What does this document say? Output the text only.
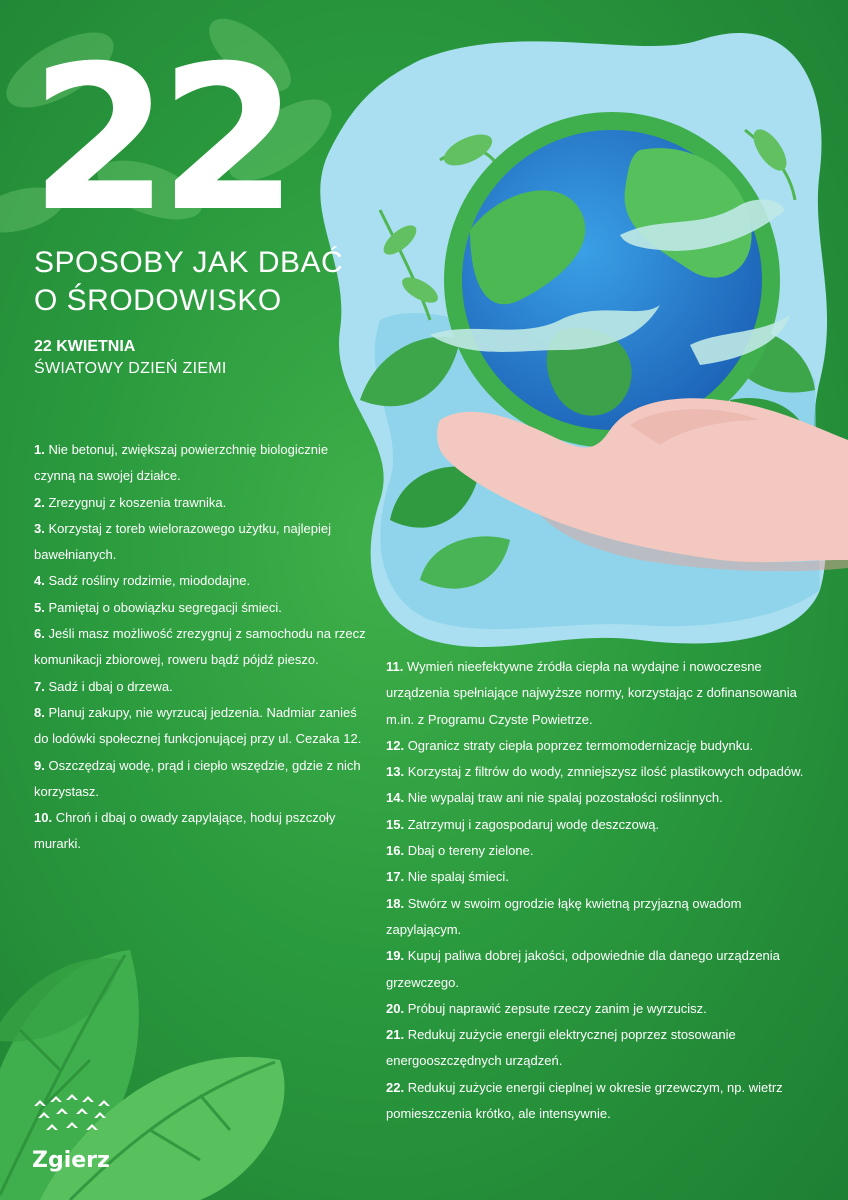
22
SPOSOBY JAK DBAĆ
O ŚRODOWISKO
22 KWIETNIA
ŚWIATOWY DZIEŃ ZIEMI
1. Nie betonuj, zwiększaj powierzchnię biologicznie czynną na swojej działce.
2. Zrezygnuj z koszenia trawnika.
3. Korzystaj z toreb wielorazowego użytku, najlepiej bawełnianych.
4. Sadź rośliny rodzimie, miododajne.
5. Pamiętaj o obowiązku segregacji śmieci.
6. Jeśli masz możliwość zrezygnuj z samochodu na rzecz komunikacji zbiorowej, roweru bądź pójdź pieszo.
7. Sadź i dbaj o drzewa.
8. Planuj zakupy, nie wyrzucaj jedzenia. Nadmiar zanieś do lodówki społecznej funkcjonującej przy ul. Cezaka 12.
9. Oszczędzaj wodę, prąd i ciepło wszędzie, gdzie z nich korzystasz.
10. Chroń i dbaj o owady zapylające, hoduj pszczoły murarki.
11. Wymień nieefektywne źródła ciepła na wydajne i nowoczesne urządzenia spełniające najwyższe normy, korzystając z dofinansowania m.in. z Programu Czyste Powietrze.
12. Ogranicz straty ciepła poprzez termomodernizację budynku.
13. Korzystaj z filtrów do wody, zmniejszysz ilość plastikowych odpadów.
14. Nie wypalaj traw ani nie spalaj pozostałości roślinnych.
15. Zatrzymuj i zagospodaruj wodę deszczową.
16. Dbaj o tereny zielone.
17. Nie spalaj śmieci.
18. Stwórz w swoim ogrodzie łąkę kwietną przyjazną owadom zapylającym.
19. Kupuj paliwa dobrej jakości, odpowiednie dla danego urządzenia grzewczego.
20. Próbuj naprawić zepsute rzeczy zanim je wyrzucisz.
21. Redukuj zużycie energii elektrycznej poprzez stosowanie energooszczędnych urządzeń.
22. Redukuj zużycie energii cieplnej w okresie grzewczym, np. wietrz pomieszczenia krótko, ale intensywnie.
Zgierz
